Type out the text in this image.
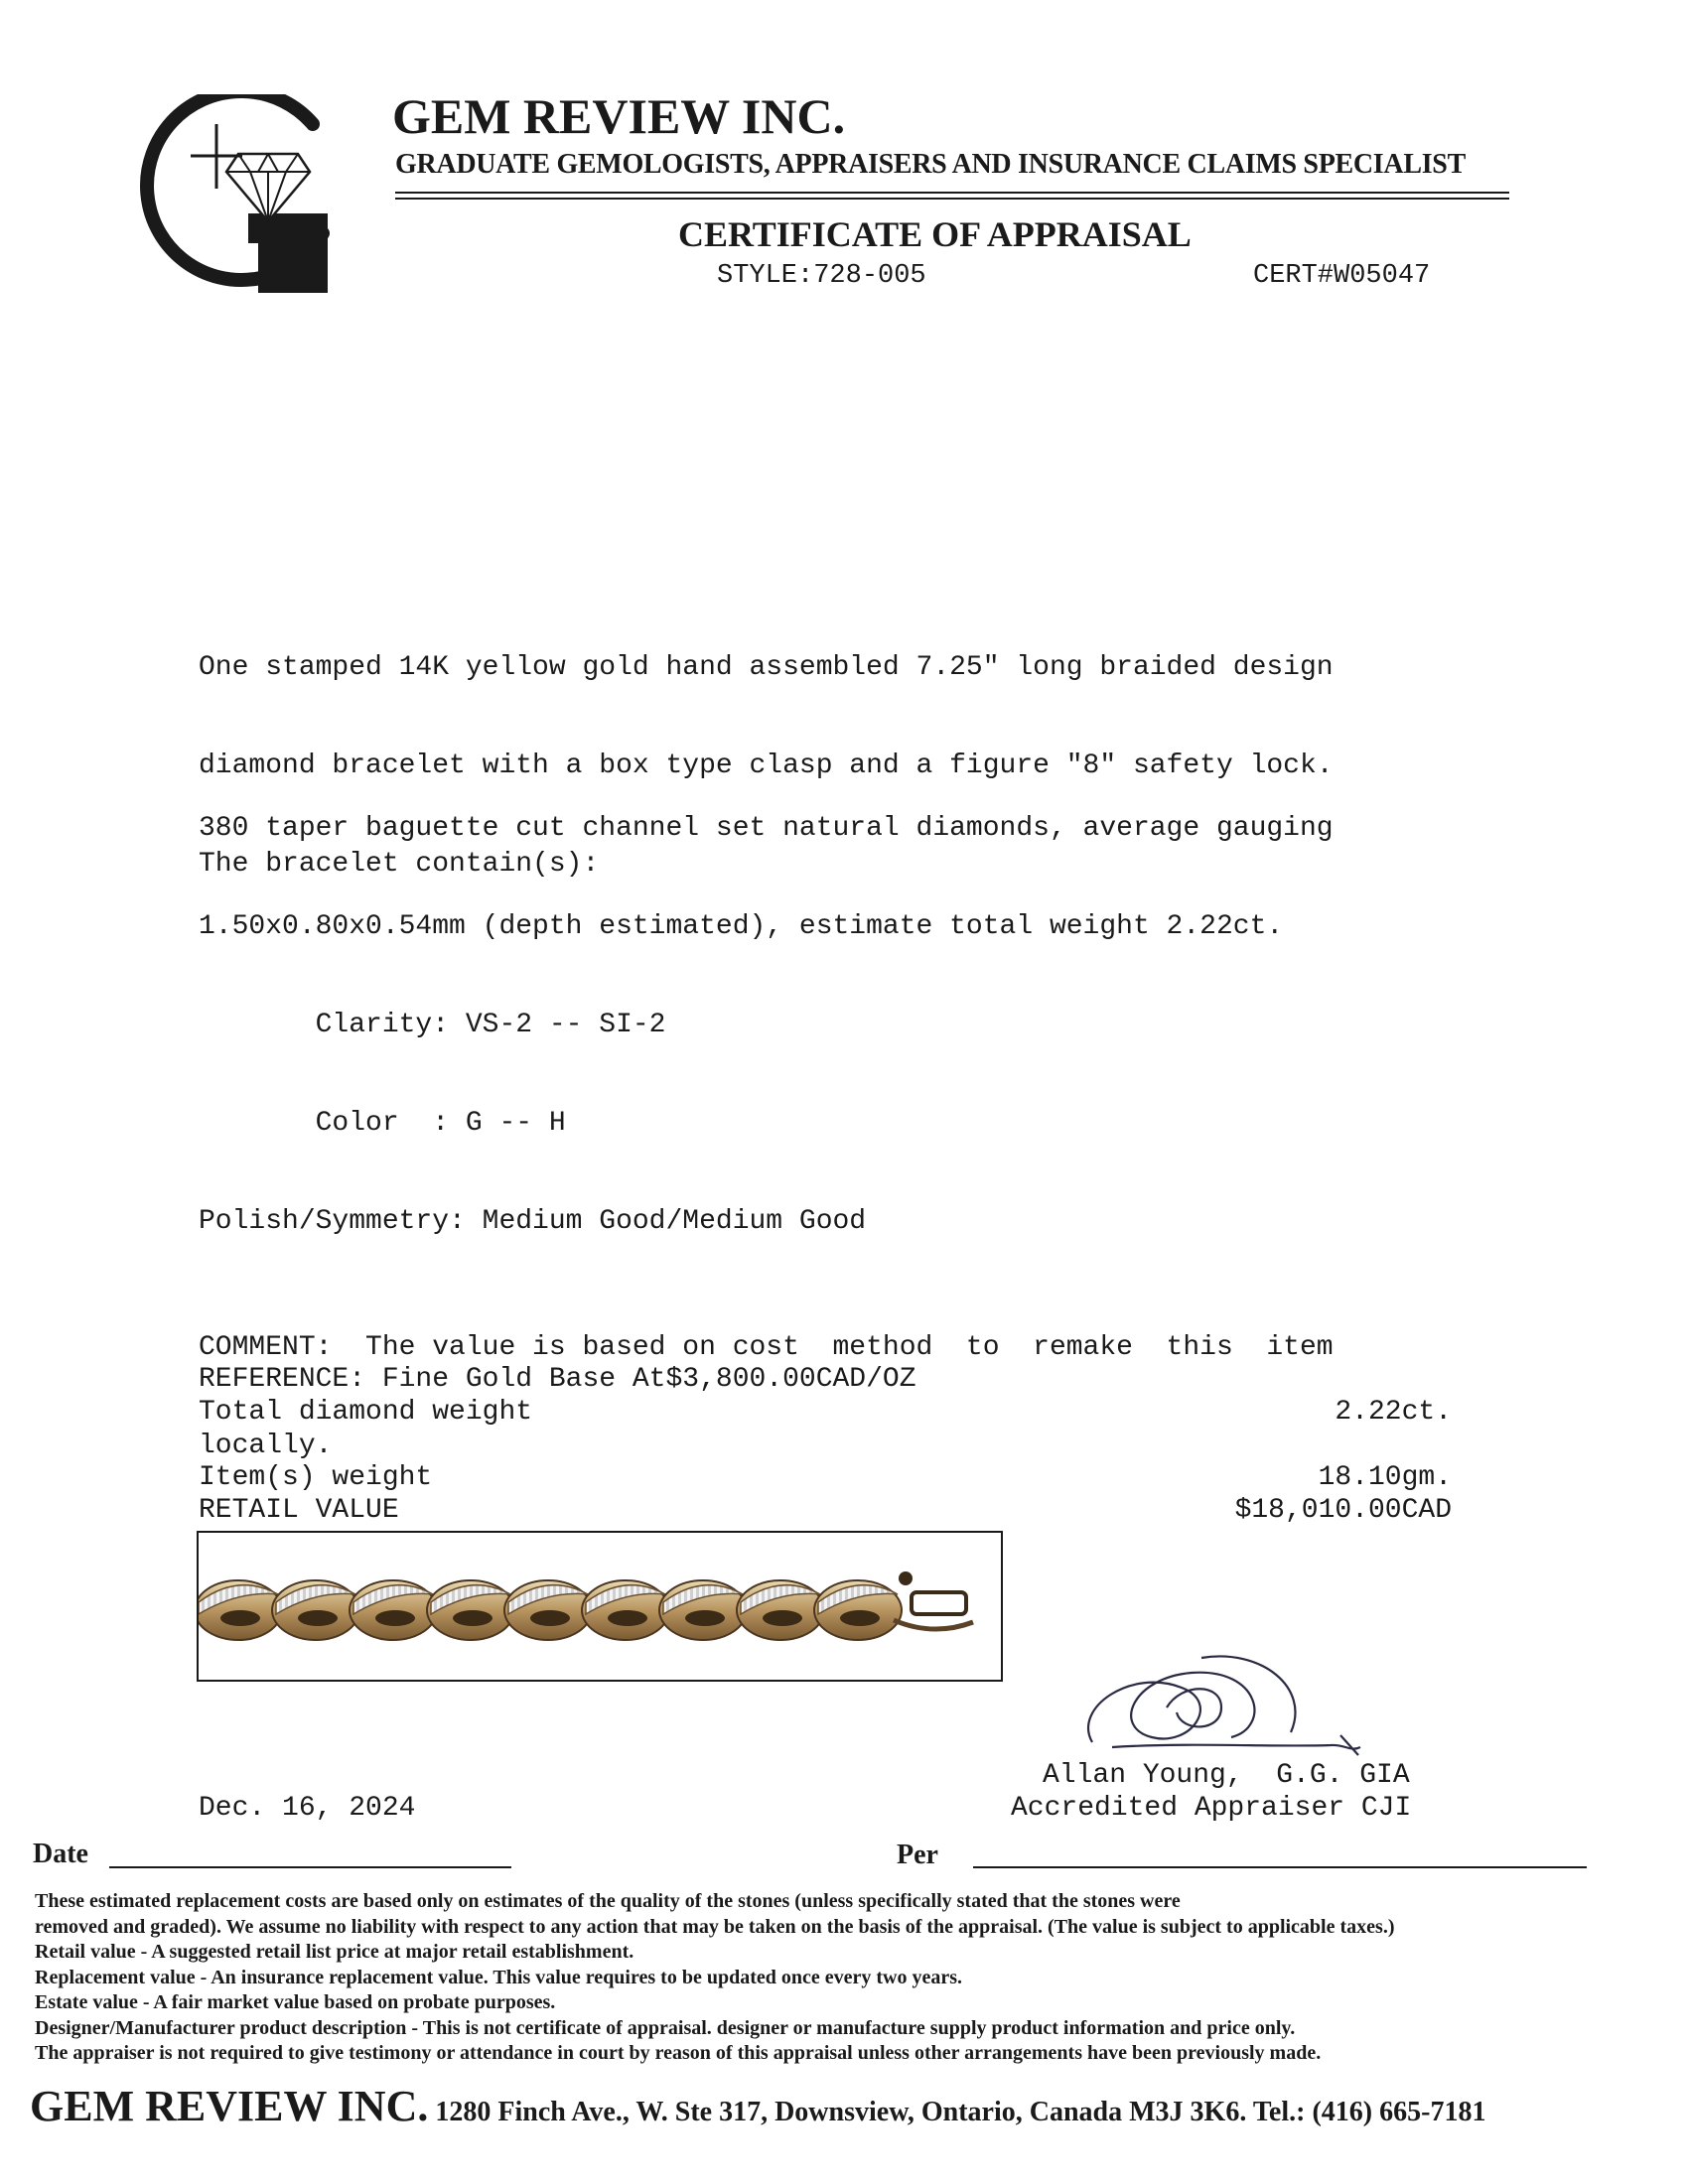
GEM REVIEW INC.
GRADUATE GEMOLOGISTS, APPRAISERS AND INSURANCE CLAIMS SPECIALIST
CERTIFICATE OF APPRAISAL
STYLE:728-005	CERT#W05047

One stamped 14K yellow gold hand assembled 7.25" long braided design

diamond bracelet with a box type clasp and a figure "8" safety lock.

The bracelet contain(s):

380 taper baguette cut channel set natural diamonds, average gauging

1.50x0.80x0.54mm (depth estimated), estimate total weight 2.22ct.

Clarity: VS-2 -- SI-2

Color  : G -- H

Polish/Symmetry: Medium Good/Medium Good

COMMENT:  The value is based on cost  method  to  remake  this  item

locally.

REFERENCE: Fine Gold Base At$3,800.00CAD/OZ
Total diamond weight	2.22ct.
Item(s) weight	18.10gm.
RETAIL VALUE	$18,010.00CAD
Allan Young,  G.G. GIA
Accredited Appraiser CJI
Dec. 16, 2024
Date	Per
These estimated replacement costs are based only on estimates of the quality of the stones (unless specifically stated that the stones were
removed and graded). We assume no liability with respect to any action that may be taken on the basis of the appraisal. (The value is subject to applicable taxes.)
Retail value - A suggested retail list price at major retail establishment.
Replacement value - An insurance replacement value. This value requires to be updated once every two years.
Estate value - A fair market value based on probate purposes.
Designer/Manufacturer product description - This is not certificate of appraisal. designer or manufacture supply product information and price only.
The appraiser is not required to give testimony or attendance in court by reason of this appraisal unless other arrangements have been previously made.
GEM REVIEW INC. 1280 Finch Ave., W. Ste 317, Downsview, Ontario, Canada M3J 3K6. Tel.: (416) 665-7181
